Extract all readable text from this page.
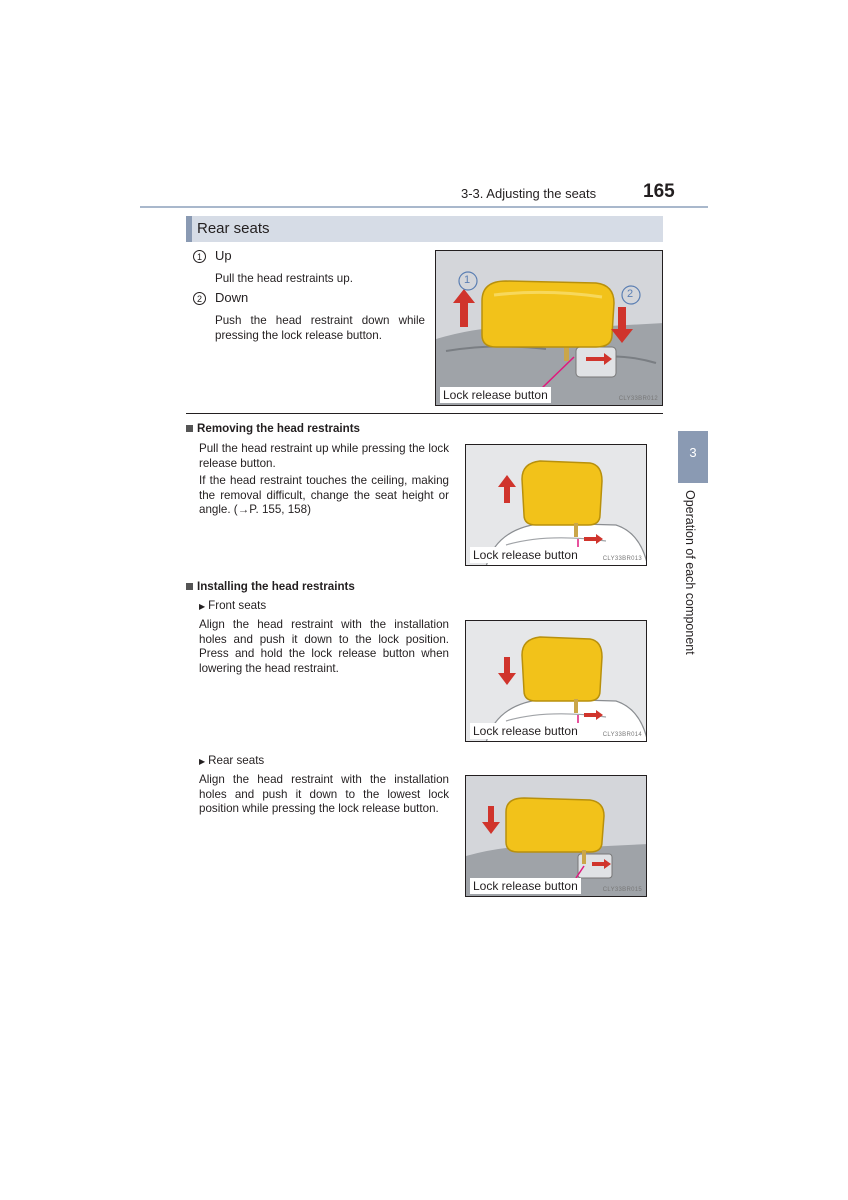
3-3. Adjusting the seats 165
3
Operation of each component
Rear seats
1	Up
Pull the head restraints up.
2	Down
Push the head restraint down while pressing the lock release button.
1
2
Lock release button	CLY33BR012
Removing the head restraints
Pull the head restraint up while pressing the lock release button.
If the head restraint touches the ceiling, making the removal difficult, change the seat height or angle. (→P. 155, 158)
Lock release button	CLY33BR013
Installing the head restraints
▶ Front seats
Align the head restraint with the installation holes and push it down to the lock position. Press and hold the lock release button when lowering the head restraint.
Lock release button	CLY33BR014
▶ Rear seats
Align the head restraint with the installation holes and push it down to the lowest lock position while pressing the lock release button.
Lock release button	CLY33BR015
